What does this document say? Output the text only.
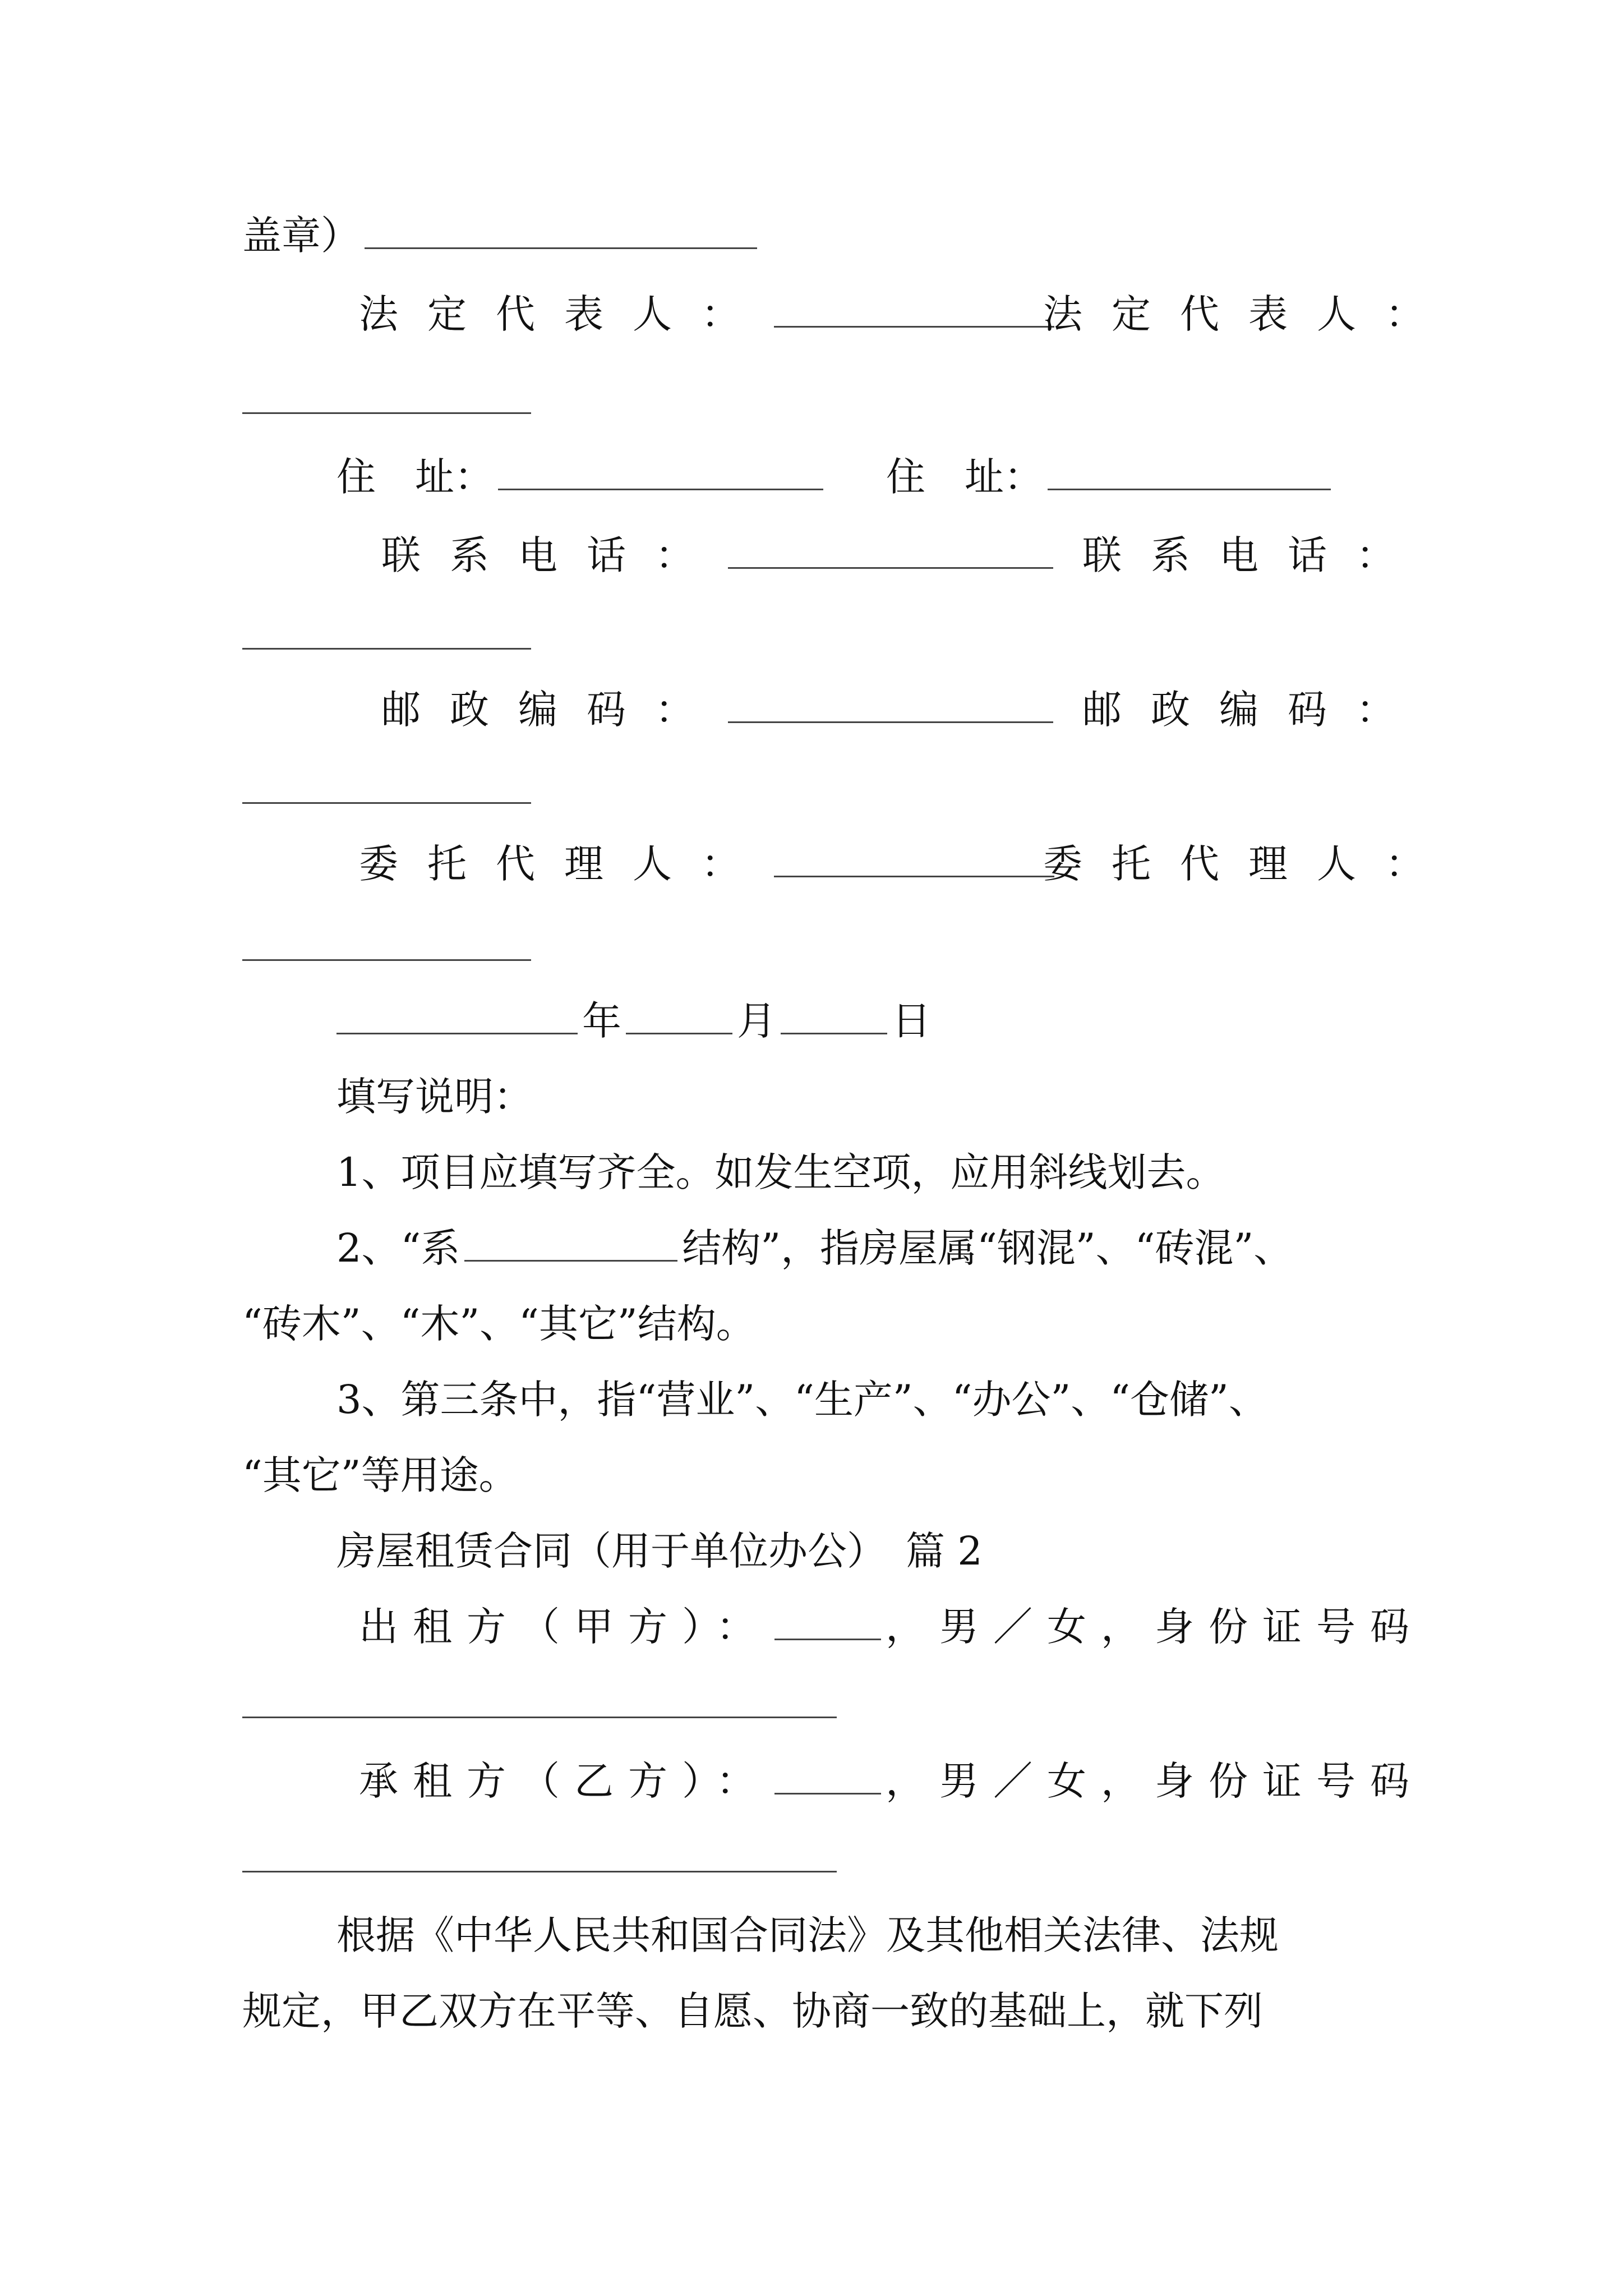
盖章）
法定代表人：	法定代表人：
住　址：	住　址：
联系电话：	联系电话：
邮政编码：	邮政编码：
委托代理人：	委托代理人：
年	月	日
填写说明：
1、项目应填写齐全。如发生空项，应用斜线划去。
2、“系	结构”，指房屋属“钢混”、“砖混”、
“砖木”、“木”、“其它”结构。
3、第三条中，指“营业”、“生产”、“办公”、“仓储”、
“其它”等用途。
房屋租赁合同（用于单位办公）　篇 2
出租方（甲方）：	，男／女，身份证号码
承租方（乙方）：	，男／女，身份证号码
根据《中华人民共和国合同法》及其他相关法律、法规
规定，甲乙双方在平等、自愿、协商一致的基础上，就下列
